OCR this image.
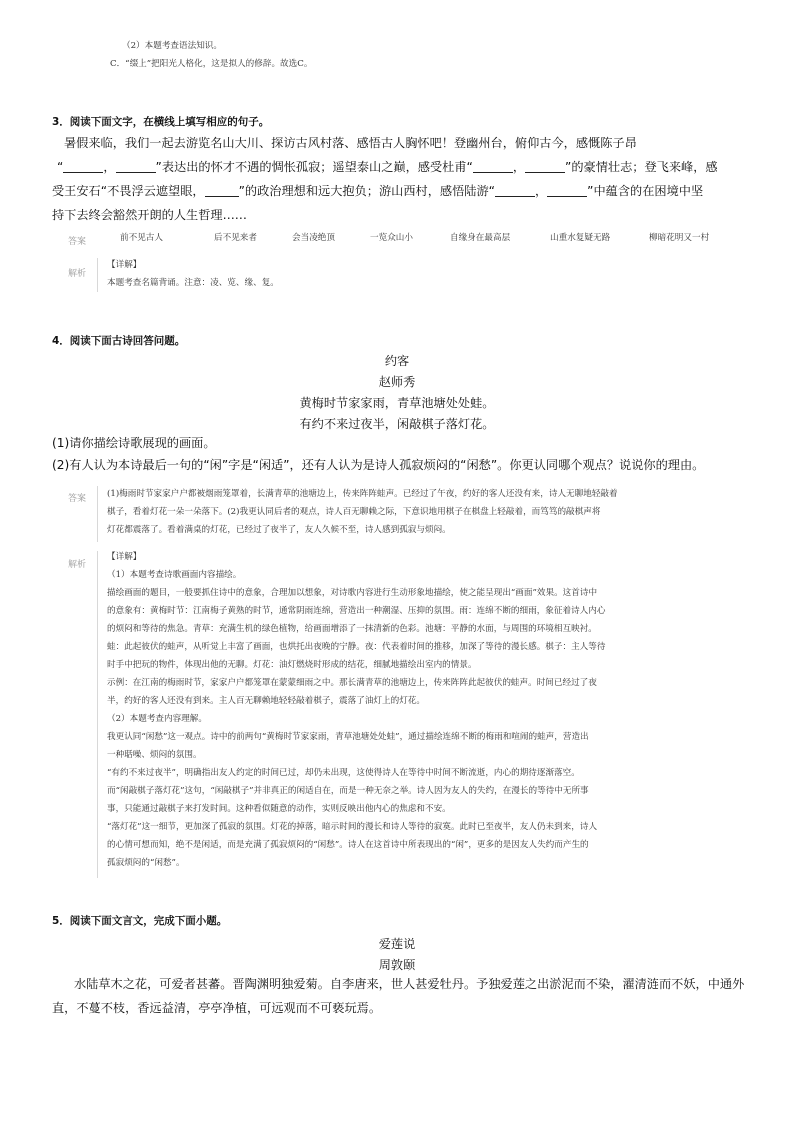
（2）本题考查语法知识。
C．“缀上”把阳光人格化，这是拟人的修辞。故选C。
3．阅读下面文字，在横线上填写相应的句子。
暑假来临，我们一起去游览名山大川、探访古风村落、感悟古人胸怀吧！登幽州台，俯仰古今，感慨陈子昂
“	，	”表达出的怀才不遇的惆怅孤寂；遥望泰山之巅，感受杜甫“	，	”的豪情壮志；登飞来峰，感
受王安石“不畏浮云遮望眼，	”的政治理想和远大抱负；游山西村，感悟陆游“	，	”中蕴含的在困境中坚
持下去终会豁然开朗的人生哲理……
答案	前不见古人	后不见来者	会当凌绝顶	一览众山小	自缘身在最高层	山重水复疑无路	柳暗花明又一村
解析
【详解】
本题考查名篇背诵。注意：凌、览、缘、复。
4．阅读下面古诗回答问题。
约客
赵师秀
黄梅时节家家雨，青草池塘处处蛙。
有约不来过夜半，闲敲棋子落灯花。
(1)请你描绘诗歌展现的画面。
(2)有人认为本诗最后一句的“闲”字是“闲适”，还有人认为是诗人孤寂烦闷的“闲愁”。你更认同哪个观点？说说你的理由。
答案 (1)梅雨时节家家户户都被烟雨笼罩着，长满青草的池塘边上，传来阵阵蛙声。已经过了午夜，约好的客人还没有来，诗人无聊地轻敲着
棋子，看着灯花一朵一朵落下。(2)我更认同后者的观点，诗人百无聊赖之际，下意识地用棋子在棋盘上轻敲着，而笃笃的敲棋声将
灯花都震落了。看着满桌的灯花，已经过了夜半了，友人久候不至，诗人感到孤寂与烦闷。
解析
【详解】
（1）本题考查诗歌画面内容描绘。
描绘画面的题目，一般要抓住诗中的意象，合理加以想象，对诗歌内容进行生动形象地描绘，使之能呈现出“画面”效果。这首诗中
的意象有：黄梅时节：江南梅子黄熟的时节，通常阴雨连绵，营造出一种潮湿、压抑的氛围。雨：连绵不断的细雨，象征着诗人内心
的烦闷和等待的焦急。青草：充满生机的绿色植物，给画面增添了一抹清新的色彩。池塘：平静的水面，与周围的环境相互映衬。
蛙：此起彼伏的蛙声，从听觉上丰富了画面，也烘托出夜晚的宁静。夜：代表着时间的推移，加深了等待的漫长感。棋子：主人等待
时手中把玩的物件，体现出他的无聊。灯花：油灯燃烧时形成的结花，细腻地描绘出室内的情景。
示例：在江南的梅雨时节，家家户户都笼罩在蒙蒙细雨之中。那长满青草的池塘边上，传来阵阵此起彼伏的蛙声。时间已经过了夜
半，约好的客人还没有到来。主人百无聊赖地轻轻敲着棋子，震落了油灯上的灯花。
（2）本题考查内容理解。
我更认同“闲愁”这一观点。诗中的前两句“黄梅时节家家雨，青草池塘处处蛙”，通过描绘连绵不断的梅雨和喧闹的蛙声，营造出
一种聒噪、烦闷的氛围。
“有约不来过夜半”，明确指出友人约定的时间已过，却仍未出现，这使得诗人在等待中时间不断流逝，内心的期待逐渐落空。
而“闲敲棋子落灯花”这句，“闲敲棋子”并非真正的闲适自在，而是一种无奈之举。诗人因为友人的失约，在漫长的等待中无所事
事，只能通过敲棋子来打发时间。这种看似随意的动作，实则反映出他内心的焦虑和不安。
“落灯花”这一细节，更加深了孤寂的氛围。灯花的掉落，暗示时间的漫长和诗人等待的寂寞。此时已至夜半，友人仍未到来，诗人
的心情可想而知，绝不是闲适，而是充满了孤寂烦闷的“闲愁”。诗人在这首诗中所表现出的“闲”，更多的是因友人失约而产生的
孤寂烦闷的“闲愁”。
5．阅读下面文言文，完成下面小题。
爱莲说
周敦颐
水陆草木之花，可爱者甚蕃。晋陶渊明独爱菊。自李唐来，世人甚爱牡丹。予独爱莲之出淤泥而不染，濯清涟而不妖，中通外
直，不蔓不枝，香远益清，亭亭净植，可远观而不可亵玩焉。
